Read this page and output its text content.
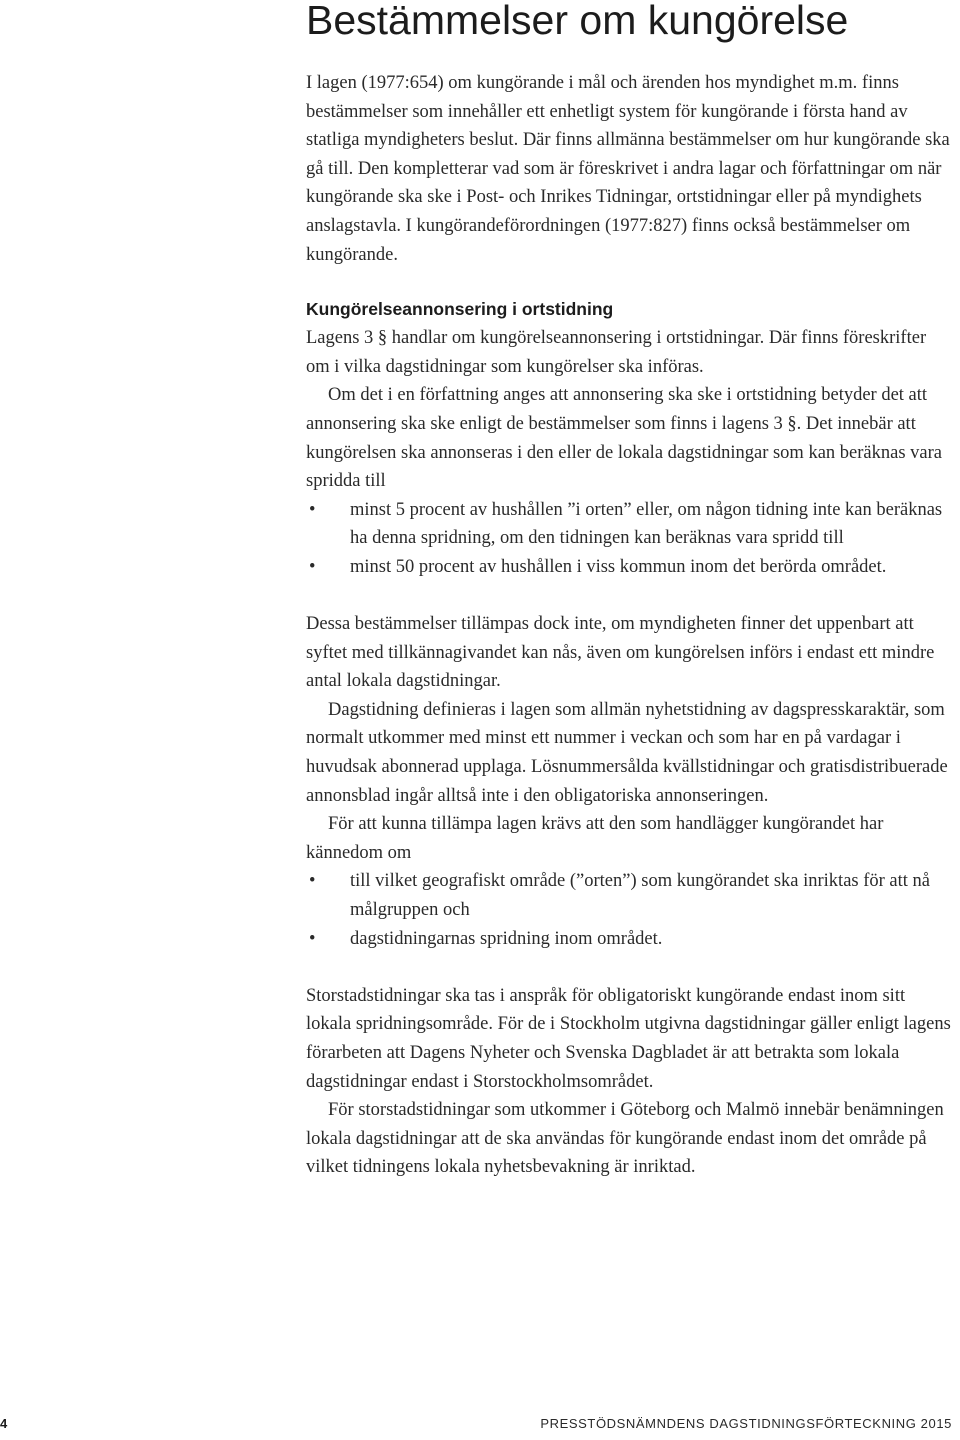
Bestämmelser om kungörelse

I lagen (1977:654) om kungörande i mål och ärenden hos myndighet m.m. finns bestämmelser som innehåller ett enhetligt system för kungörande i första hand av statliga myndigheters beslut. Där finns allmänna bestämmelser om hur kungörande ska gå till. Den kompletterar vad som är föreskrivet i andra lagar och författningar om när kungörande ska ske i Post- och Inrikes Tidningar, ortstidningar eller på myndighets anslagstavla. I kungörandeförordningen (1977:827) finns också bestämmelser om kungörande.

Kungörelseannonsering i ortstidning

Lagens 3 § handlar om kungörelseannonsering i ortstidningar. Där finns föreskrifter om i vilka dagstidningar som kungörelser ska införas.

Om det i en författning anges att annonsering ska ske i ortstidning betyder det att annonsering ska ske enligt de bestämmelser som finns i lagens 3 §. Det innebär att kungörelsen ska annonseras i den eller de lokala dagstidningar som kan beräknas vara spridda till

• minst 5 procent av hushållen ”i orten” eller, om någon tidning inte kan beräknas ha denna spridning, om den tidningen kan beräknas vara spridd till
• minst 50 procent av hushållen i viss kommun inom det berörda området.

Dessa bestämmelser tillämpas dock inte, om myndigheten finner det uppenbart att syftet med tillkännagivandet kan nås, även om kungörelsen införs i endast ett mindre antal lokala dagstidningar.

Dagstidning definieras i lagen som allmän nyhetstidning av dagspresskaraktär, som normalt utkommer med minst ett nummer i veckan och som har en på vardagar i huvudsak abonnerad upplaga. Lösnummersålda kvällstidningar och gratisdistribuerade annonsblad ingår alltså inte i den obligatoriska annonseringen.

För att kunna tillämpa lagen krävs att den som handlägger kungörandet har kännedom om

• till vilket geografiskt område (”orten”) som kungörandet ska inriktas för att nå målgruppen och
• dagstidningarnas spridning inom området.

Storstadstidningar ska tas i anspråk för obligatoriskt kungörande endast inom sitt lokala spridningsområde. För de i Stockholm utgivna dagstidningar gäller enligt lagens förarbeten att Dagens Nyheter och Svenska Dagbladet är att betrakta som lokala dagstidningar endast i Storstockholmsområdet.

För storstadstidningar som utkommer i Göteborg och Malmö innebär benämningen lokala dagstidningar att de ska användas för kungörande endast inom det område på vilket tidningens lokala nyhetsbevakning är inriktad.

4	PRESSTÖDSNÄMNDENS DAGSTIDNINGSFÖRTECKNING 2015
